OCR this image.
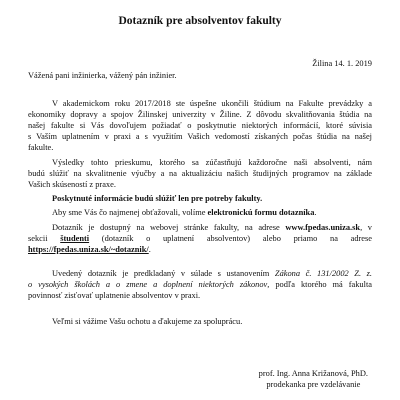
Dotazník pre absolventov fakulty
Žilina 14. 1. 2019
Vážená pani inžinierka, vážený pán inžinier.
V akademickom roku 2017/2018 ste úspešne ukončili štúdium na Fakulte prevádzky a
ekonomiky dopravy a spojov Žilinskej univerzity v Žiline. Z dôvodu skvalitňovania štúdia na
našej fakulte si Vás dovoľujem požiadať o poskytnutie niektorých informácií, ktoré súvisia
s Vaším uplatnením v praxi a s využitím Vašich vedomostí získaných počas štúdia na našej
fakulte.
Výsledky tohto prieskumu, ktorého sa zúčastňujú každoročne naši absolventi, nám
budú slúžiť na skvalitnenie výučby a na aktualizáciu našich študijných programov na základe
Vašich skúseností z praxe.
Poskytnuté informácie budú slúžiť len pre potreby fakulty.
Aby sme Vás čo najmenej obťažovali, volíme elektronickú formu dotazníka.
Dotazník je dostupný na webovej stránke fakulty, na adrese www.fpedas.uniza.sk, v
sekcii študenti (dotazník o uplatnení absolventov) alebo priamo na adrese
https://fpedas.uniza.sk/~dotaznik/.
Uvedený dotazník je predkladaný v súlade s ustanovením Zákona č. 131/2002 Z. z.
o vysokých školách a o zmene a doplnení niektorých zákonov, podľa ktorého má fakulta
povinnosť zisťovať uplatnenie absolventov v praxi.
Veľmi si vážime Vašu ochotu a ďakujeme za spoluprácu.
prof. Ing. Anna Križanová, PhD.
prodekanka pre vzdelávanie
